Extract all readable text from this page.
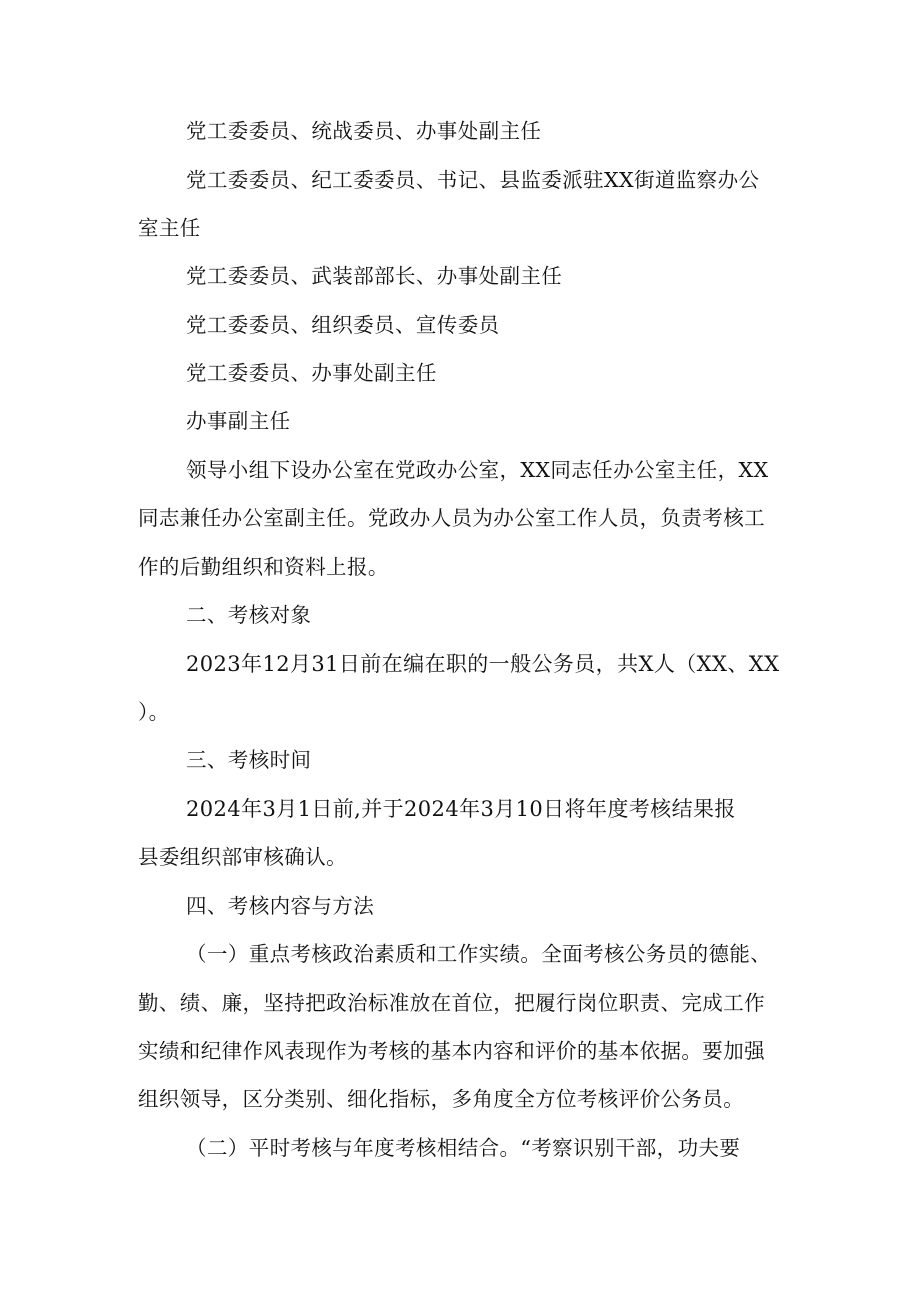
党工委委员、统战委员、办事处副主任

党工委委员、纪工委委员、书记、县监委派驻XX街道监察办公

室主任

党工委委员、武装部部长、办事处副主任

党工委委员、组织委员、宣传委员

党工委委员、办事处副主任

办事副主任

领导小组下设办公室在党政办公室，XX同志任办公室主任，XX

同志兼任办公室副主任。党政办人员为办公室工作人员，负责考核工

作的后勤组织和资料上报。

二、考核对象

2023年12月31日前在编在职的一般公务员，共X人（XX、XX

）。

三、考核时间

2024年3月1日前,并于2024年3月10日将年度考核结果报

县委组织部审核确认。

四、考核内容与方法

（一）重点考核政治素质和工作实绩。全面考核公务员的德能、

勤、绩、廉，坚持把政治标准放在首位，把履行岗位职责、完成工作

实绩和纪律作风表现作为考核的基本内容和评价的基本依据。要加强

组织领导，区分类别、细化指标，多角度全方位考核评价公务员。

（二）平时考核与年度考核相结合。“考察识别干部，功夫要
